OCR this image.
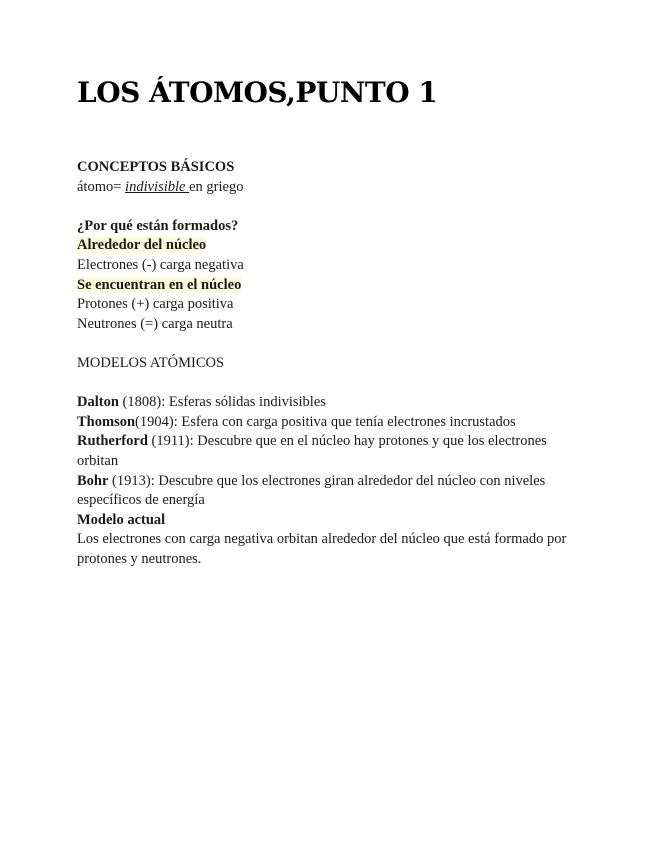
LOS ÁTOMOS,PUNTO 1
CONCEPTOS BÁSICOS
átomo= indivisible en griego
¿Por qué están formados?
Alrededor del núcleo
Electrones (-) carga negativa
Se encuentran en el núcleo
Protones (+) carga positiva
Neutrones (=) carga neutra
MODELOS ATÓMICOS
Dalton (1808): Esferas sólidas indivisibles
Thomson(1904): Esfera con carga positiva que tenía electrones incrustados
Rutherford (1911): Descubre que en el núcleo hay protones y que los electrones orbitan
Bohr (1913): Descubre que los electrones giran alrededor del núcleo con niveles específicos de energía
Modelo actual
Los electrones con carga negativa orbitan alrededor del núcleo que está formado por protones y neutrones.
